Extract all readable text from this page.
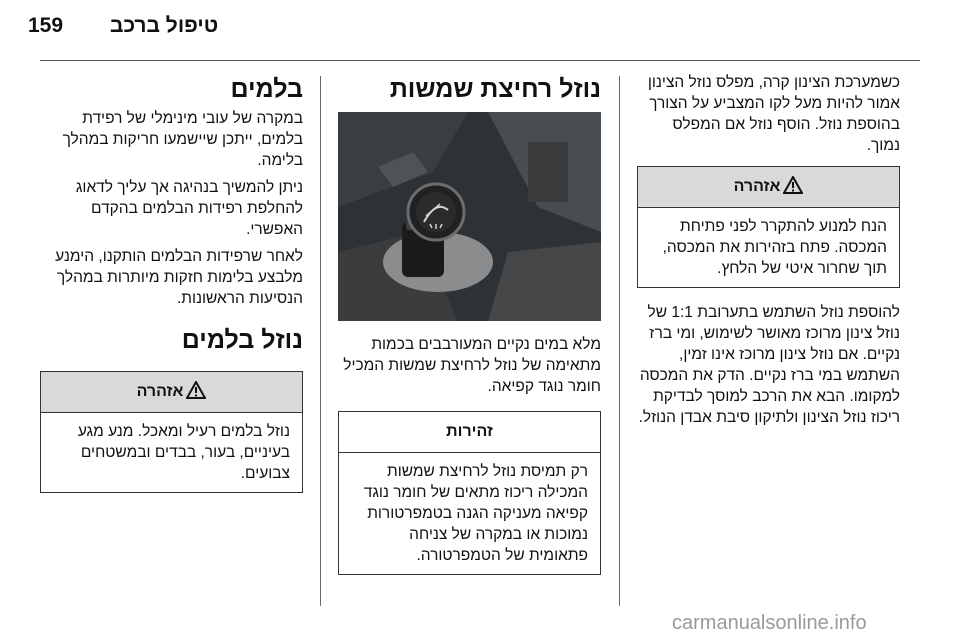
טיפול ברכב
159
בלמים

במקרה של עובי מינימלי של רפידת בלמים, ייתכן שיישמעו חריקות במהלך בלימה.

ניתן להמשיך בנהיגה אך עליך לדאוג להחלפת רפידות הבלמים בהקדם האפשרי.

לאחר שרפידות הבלמים הותקנו, הימנע מלבצע בלימות חזקות מיותרות במהלך הנסיעות הראשונות.

נוזל בלמים
אזהרה
נוזל בלמים רעיל ומאכל. מנע מגע בעיניים, בעור, בבדים ובמשטחים צבועים.
נוזל רחיצת שמשות

מלא במים נקיים המעורבבים בכמות מתאימה של נוזל לרחיצת שמשות המכיל חומר נוגד קפיאה.

זהירות
רק תמיסת נוזל לרחיצת שמשות המכילה ריכוז מתאים של חומר נוגד קפיאה מעניקה הגנה בטמפרטורות נמוכות או במקרה של צניחה פתאומית של הטמפרטורה.

כשמערכת הצינון קרה, מפלס נוזל הצינון אמור להיות מעל לקו המצביע על הצורך בהוספת נוזל. הוסף נוזל אם המפלס נמוך.

אזהרה
הנח למנוע להתקרר לפני פתיחת המכסה. פתח בזהירות את המכסה, תוך שחרור איטי של הלחץ.

להוספת נוזל השתמש בתערובת 1:1 של נוזל צינון מרוכז מאושר לשימוש, ומי ברז נקיים. אם נוזל צינון מרוכז אינו זמין, השתמש במי ברז נקיים. הדק את המכסה למקומו. הבא את הרכב למוסך לבדיקת ריכוז נוזל הצינון ולתיקון סיבת אבדן הנוזל.

carmanualsonline.info
